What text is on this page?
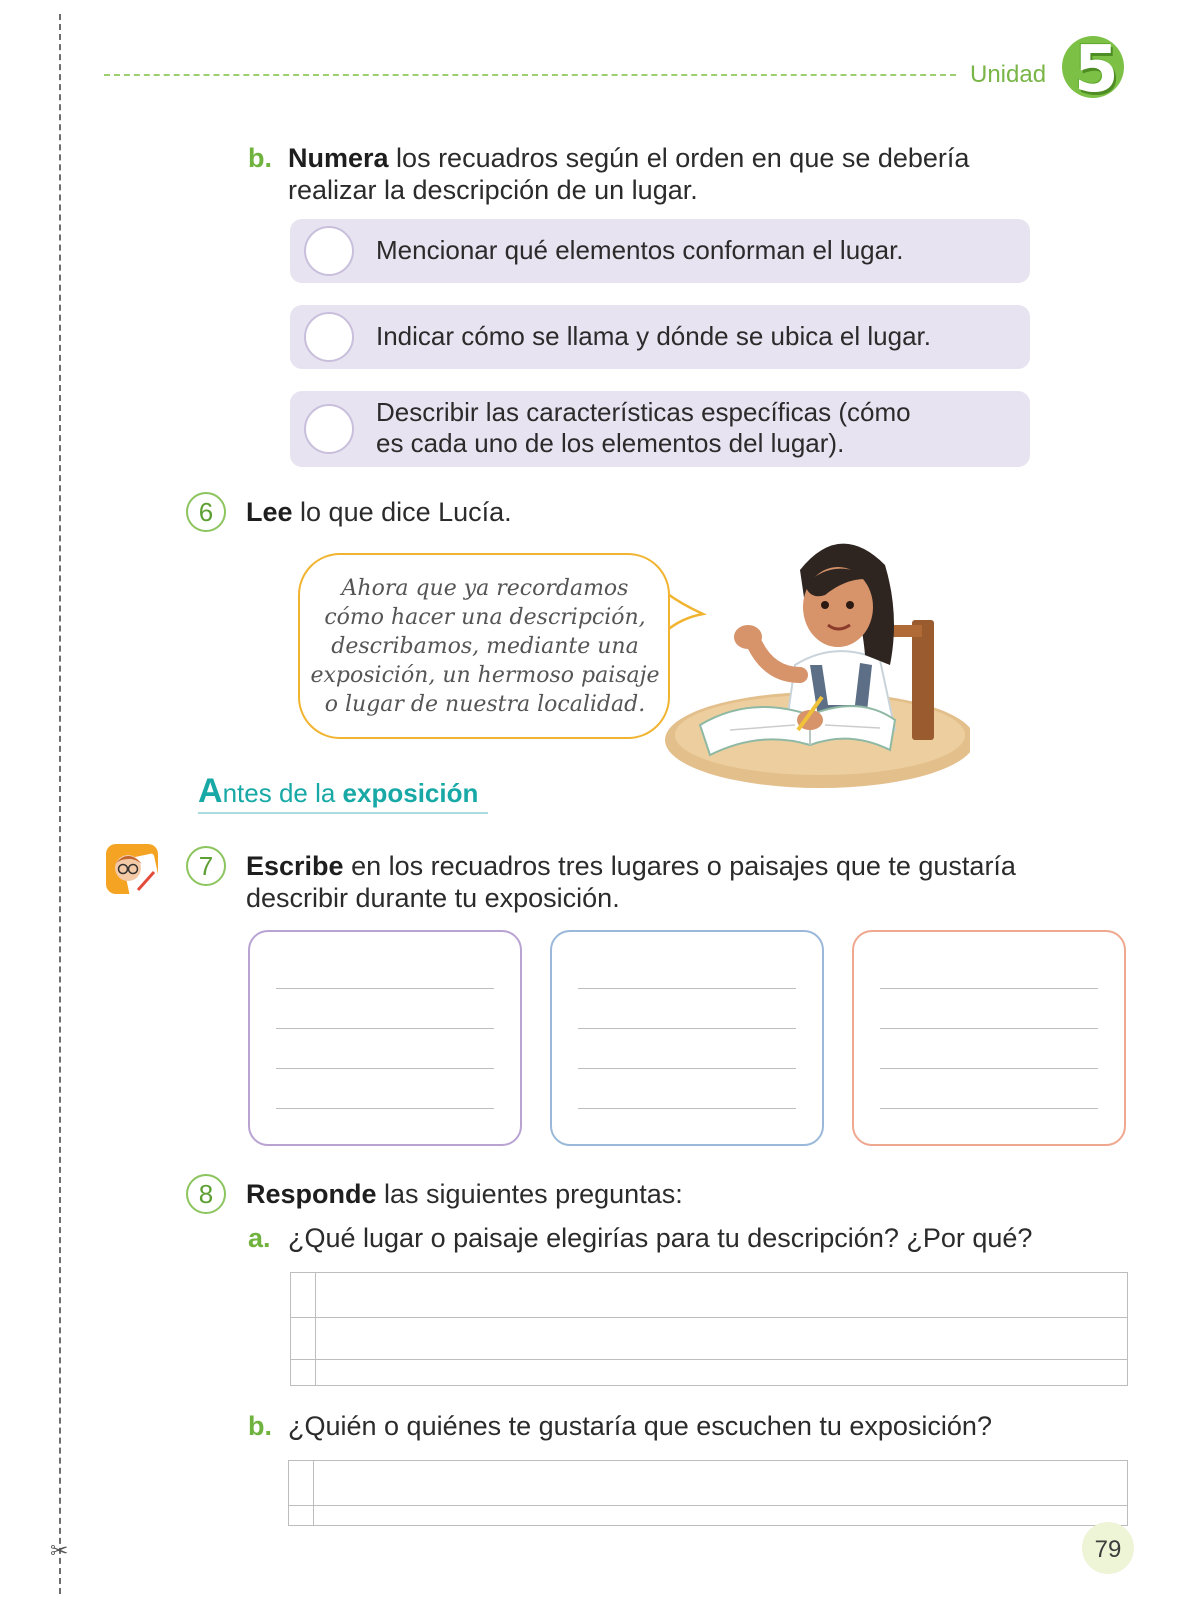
✂
Unidad 5
b. Numera los recuadros según el orden en que se debería
realizar la descripción de un lugar.
Mencionar qué elementos conforman el lugar.
Indicar cómo se llama y dónde se ubica el lugar.
Describir las características específicas (cómo
es cada uno de los elementos del lugar).
6	Lee lo que dice Lucía.
Ahora que ya recordamos
cómo hacer una descripción,
describamos, mediante una
exposición, un hermoso paisaje
o lugar de nuestra localidad.
Antes de la exposición
7	Escribe en los recuadros tres lugares o paisajes que te gustaría
describir durante tu exposición.
8	Responde las siguientes preguntas:
a. ¿Qué lugar o paisaje elegirías para tu descripción? ¿Por qué?
b. ¿Quién o quiénes te gustaría que escuchen tu exposición?
79
